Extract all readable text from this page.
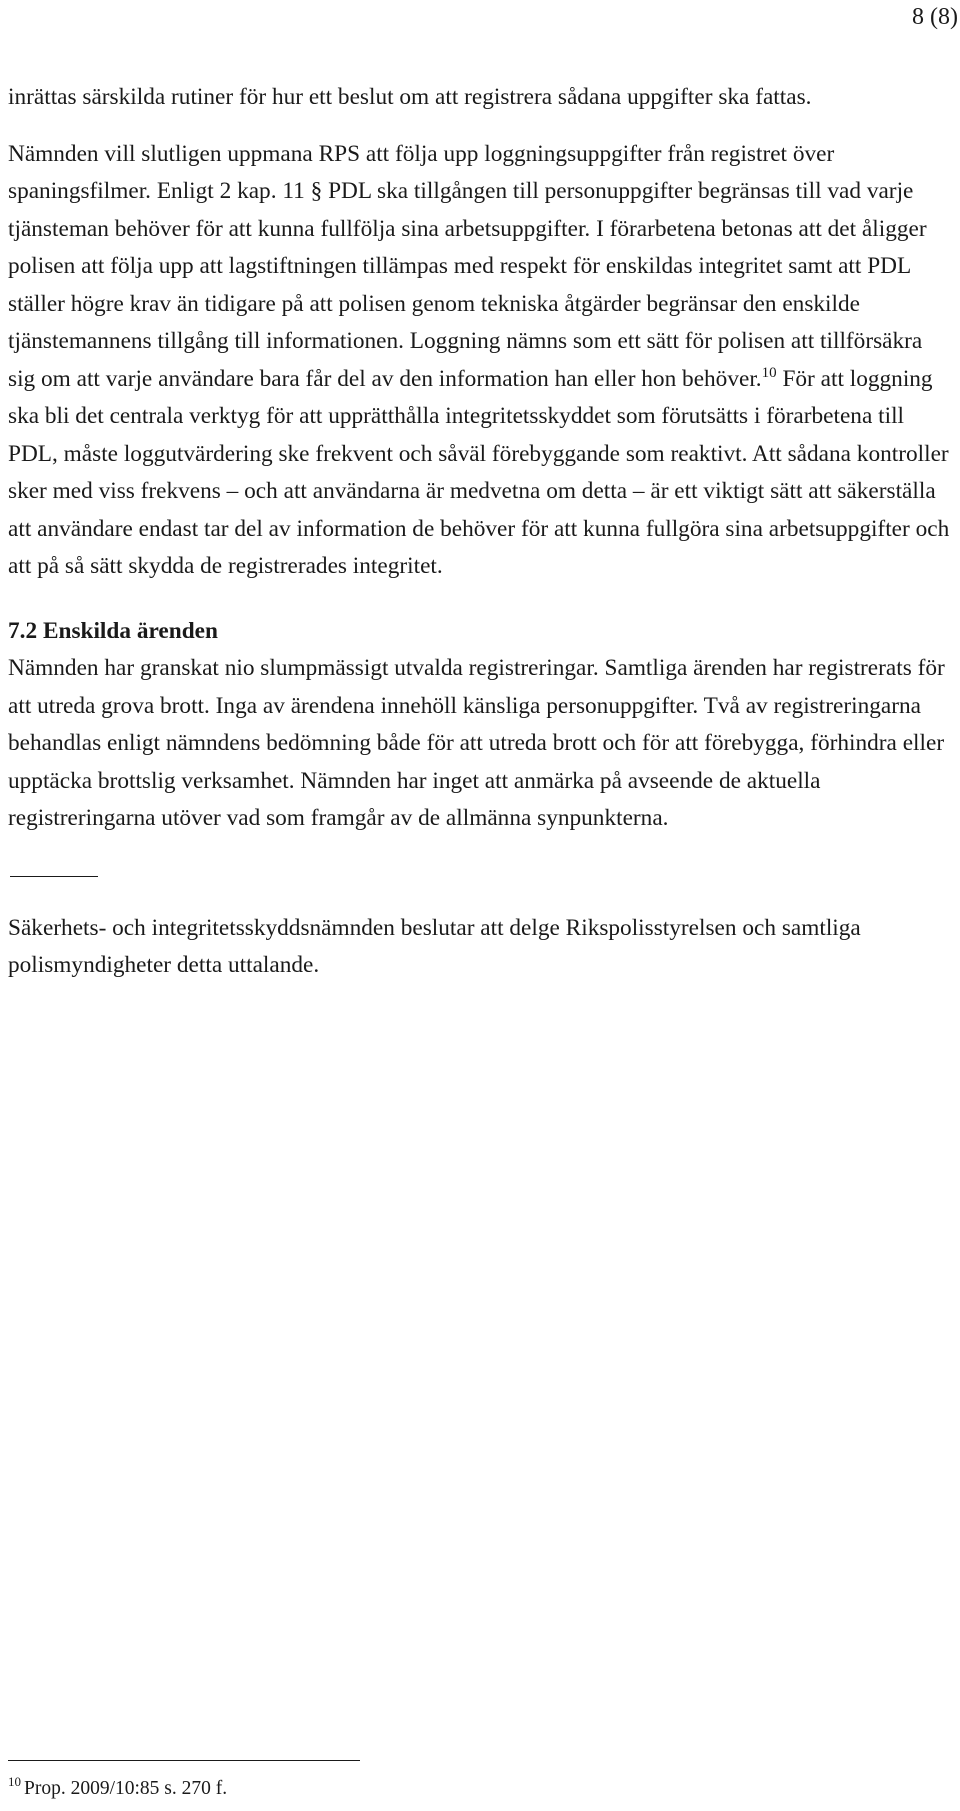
8 (8)

inrättas särskilda rutiner för hur ett beslut om att registrera sådana uppgifter ska fattas.

Nämnden vill slutligen uppmana RPS att följa upp loggningsuppgifter från registret över spaningsfilmer. Enligt 2 kap. 11 § PDL ska tillgången till personuppgifter begränsas till vad varje tjänsteman behöver för att kunna fullfölja sina arbetsuppgifter. I förarbetena betonas att det åligger polisen att följa upp att lagstiftningen tillämpas med respekt för enskildas integritet samt att PDL ställer högre krav än tidigare på att polisen genom tekniska åtgärder begränsar den enskilde tjänstemannens tillgång till informationen. Loggning nämns som ett sätt för polisen att tillförsäkra sig om att varje användare bara får del av den information han eller hon behöver.$^{10}$ För att loggning ska bli det centrala verktyg för att upprätthålla integritetsskyddet som förutsätts i förarbetena till PDL, måste loggutvärdering ske frekvent och såväl förebyggande som reaktivt. Att sådana kontroller sker med viss frekvens – och att användarna är medvetna om detta – är ett viktigt sätt att säkerställa att användare endast tar del av information de behöver för att kunna fullgöra sina arbetsuppgifter och att på så sätt skydda de registrerades integritet.

7.2 Enskilda ärenden

Nämnden har granskat nio slumpmässigt utvalda registreringar. Samtliga ärenden har registrerats för att utreda grova brott. Inga av ärendena innehöll känsliga personuppgifter. Två av registreringarna behandlas enligt nämndens bedömning både för att utreda brott och för att förebygga, förhindra eller upptäcka brottslig verksamhet. Nämnden har inget att anmärka på avseende de aktuella registreringarna utöver vad som framgår av de allmänna synpunkterna.

Säkerhets- och integritetsskyddsnämnden beslutar att delge Rikspolisstyrelsen och samtliga polismyndigheter detta uttalande.

$^{10}$ Prop. 2009/10:85 s. 270 f.
